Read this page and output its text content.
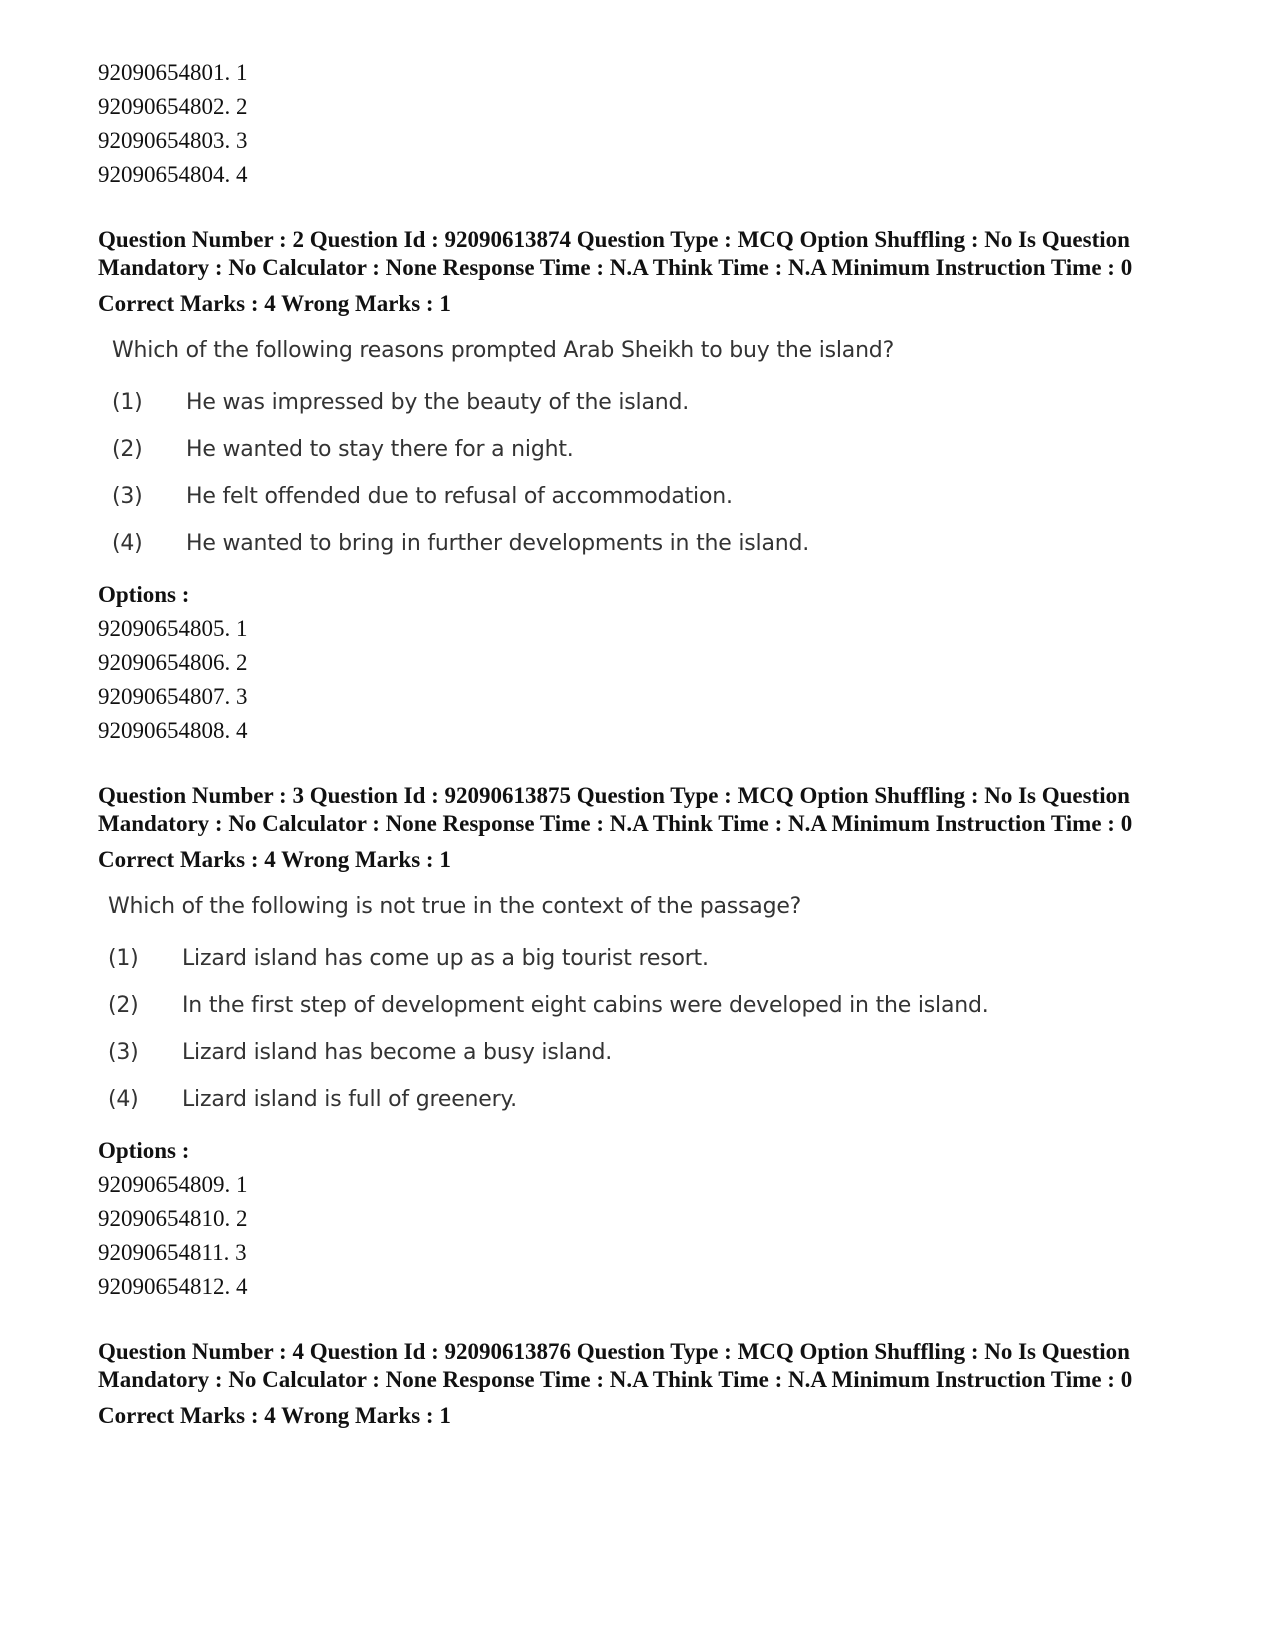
92090654801. 1
92090654802. 2
92090654803. 3
92090654804. 4
Question Number : 2 Question Id : 92090613874 Question Type : MCQ Option Shuffling : No Is Question Mandatory : No Calculator : None Response Time : N.A Think Time : N.A Minimum Instruction Time : 0
Correct Marks : 4 Wrong Marks : 1
Which of the following reasons prompted Arab Sheikh to buy the island?
(1)	He was impressed by the beauty of the island.
(2)	He wanted to stay there for a night.
(3)	He felt offended due to refusal of accommodation.
(4)	He wanted to bring in further developments in the island.
Options :
92090654805. 1
92090654806. 2
92090654807. 3
92090654808. 4
Question Number : 3 Question Id : 92090613875 Question Type : MCQ Option Shuffling : No Is Question Mandatory : No Calculator : None Response Time : N.A Think Time : N.A Minimum Instruction Time : 0
Correct Marks : 4 Wrong Marks : 1
Which of the following is not true in the context of the passage?
(1)	Lizard island has come up as a big tourist resort.
(2)	In the first step of development eight cabins were developed in the island.
(3)	Lizard island has become a busy island.
(4)	Lizard island is full of greenery.
Options :
92090654809. 1
92090654810. 2
92090654811. 3
92090654812. 4
Question Number : 4 Question Id : 92090613876 Question Type : MCQ Option Shuffling : No Is Question Mandatory : No Calculator : None Response Time : N.A Think Time : N.A Minimum Instruction Time : 0
Correct Marks : 4 Wrong Marks : 1
